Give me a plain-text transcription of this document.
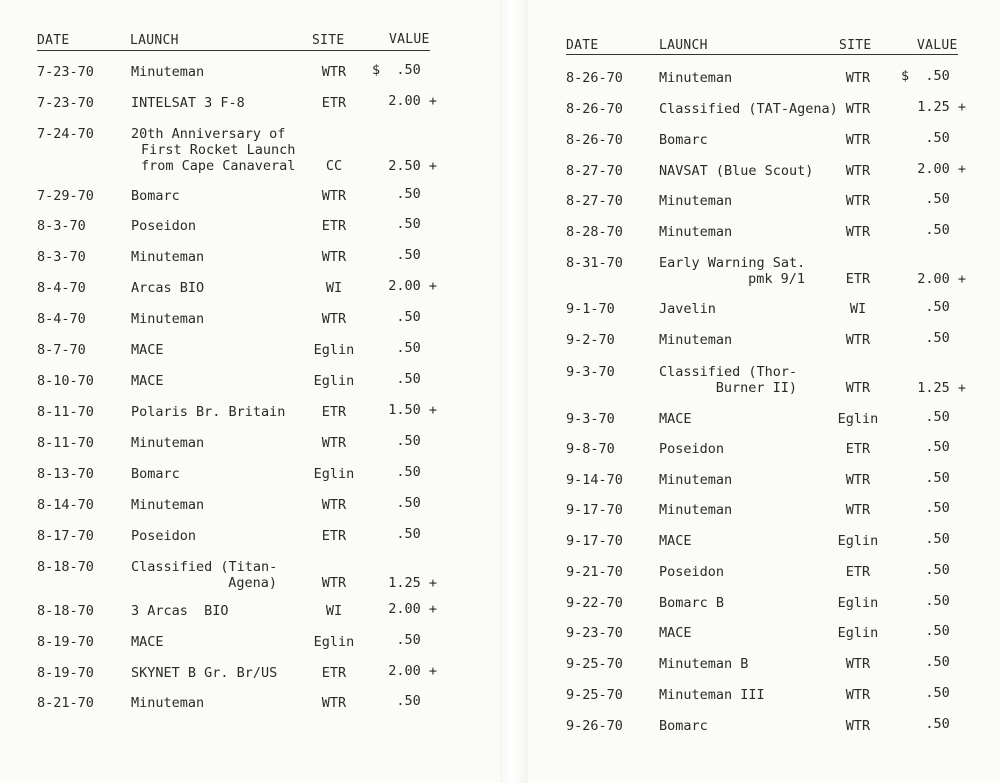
DATE	LAUNCH	SITE	VALUE
7-23-70	Minuteman	WTR	$  .50
7-23-70	INTELSAT 3 F-8	ETR	2.00 +
7-24-70	20th Anniversary of
First Rocket Launch
from Cape Canaveral	CC	2.50 +
7-29-70	Bomarc	WTR	.50
8-3-70	Poseidon	ETR	.50
8-3-70	Minuteman	WTR	.50
8-4-70	Arcas BIO	WI	2.00 +
8-4-70	Minuteman	WTR	.50
8-7-70	MACE	Eglin	.50
8-10-70	MACE	Eglin	.50
8-11-70	Polaris Br. Britain	ETR	1.50 +
8-11-70	Minuteman	WTR	.50
8-13-70	Bomarc	Eglin	.50
8-14-70	Minuteman	WTR	.50
8-17-70	Poseidon	ETR	.50
8-18-70	Classified (Titan-
Agena)	WTR	1.25 +
8-18-70	3 Arcas  BIO	WI	2.00 +
8-19-70	MACE	Eglin	.50
8-19-70	SKYNET B Gr. Br/US	ETR	2.00 +
8-21-70	Minuteman	WTR	.50
DATE	LAUNCH	SITE	VALUE
8-26-70	Minuteman	WTR	$  .50
8-26-70	Classified (TAT-Agena) WTR	1.25 +
8-26-70	Bomarc	WTR	.50
8-27-70	NAVSAT (Blue Scout)	WTR	2.00 +
8-27-70	Minuteman	WTR	.50
8-28-70	Minuteman	WTR	.50
8-31-70	Early Warning Sat.
pmk 9/1	ETR	2.00 +
9-1-70	Javelin	WI	.50
9-2-70	Minuteman	WTR	.50
9-3-70	Classified (Thor-
Burner II)	WTR	1.25 +
9-3-70	MACE	Eglin	.50
9-8-70	Poseidon	ETR	.50
9-14-70	Minuteman	WTR	.50
9-17-70	Minuteman	WTR	.50
9-17-70	MACE	Eglin	.50
9-21-70	Poseidon	ETR	.50
9-22-70	Bomarc B	Eglin	.50
9-23-70	MACE	Eglin	.50
9-25-70	Minuteman B	WTR	.50
9-25-70	Minuteman III	WTR	.50
9-26-70	Bomarc	WTR	.50
